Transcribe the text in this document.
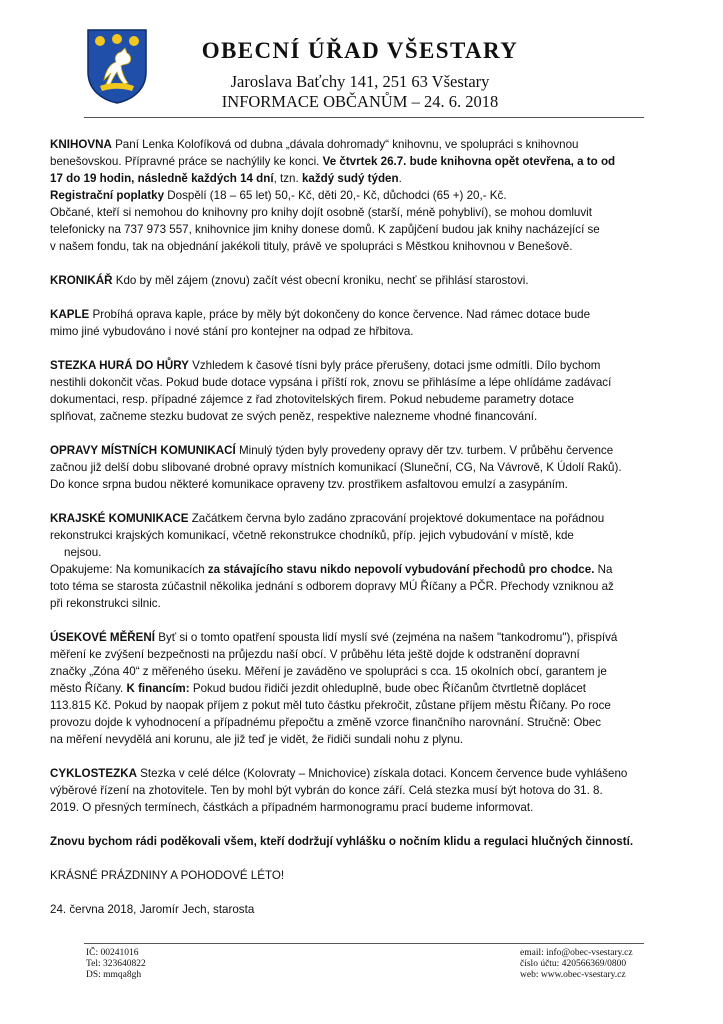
OBECNÍ ÚŘAD VŠESTARY
Jaroslava Baťchy 141, 251 63 Všestary
INFORMACE OBČANŮM – 24. 6. 2018
KNIHOVNA Paní Lenka Kolofíková od dubna „dávala dohromady“ knihovnu, ve spolupráci s knihovnou
benešovskou. Přípravné práce se nachýlily ke konci. Ve čtvrtek 26.7. bude knihovna opět otevřena, a to od
17 do 19 hodin, následně každých 14 dní, tzn. každý sudý týden.
Registrační poplatky Dospělí (18 – 65 let) 50,- Kč, děti 20,- Kč, důchodci (65 +) 20,- Kč.
Občané, kteří si nemohou do knihovny pro knihy dojít osobně (starší, méně pohybliví), se mohou domluvit
telefonicky na 737 973 557, knihovnice jim knihy donese domů. K zapůjčení budou jak knihy nacházející se
v našem fondu, tak na objednání jakékoli tituly, právě ve spolupráci s Městkou knihovnou v Benešově.
KRONIKÁŘ Kdo by měl zájem (znovu) začít vést obecní kroniku, nechť se přihlásí starostovi.
KAPLE Probíhá oprava kaple, práce by měly být dokončeny do konce července. Nad rámec dotace bude
mimo jiné vybudováno i nové stání pro kontejner na odpad ze hřbitova.
STEZKA HURÁ DO HŮRY Vzhledem k časové tísni byly práce přerušeny, dotaci jsme odmítli. Dílo bychom
nestihli dokončit včas. Pokud bude dotace vypsána i příští rok, znovu se přihlásíme a lépe ohlídáme zadávací
dokumentaci, resp. případné zájemce z řad zhotovitelských firem. Pokud nebudeme parametry dotace
splňovat, začneme stezku budovat ze svých peněz, respektive nalezneme vhodné financování.
OPRAVY MÍSTNÍCH KOMUNIKACÍ Minulý týden byly provedeny opravy děr tzv. turbem. V průběhu července
začnou již delší dobu slibované drobné opravy místních komunikací (Sluneční, CG, Na Vávrově, K Údolí Raků).
Do konce srpna budou některé komunikace opraveny tzv. prostřikem asfaltovou emulzí a zasypáním.
KRAJSKÉ KOMUNIKACE Začátkem června bylo zadáno zpracování projektové dokumentace na pořádnou
rekonstrukci krajských komunikací, včetně rekonstrukce chodníků, příp. jejich vybudování v místě, kde
nejsou.
Opakujeme: Na komunikacích za stávajícího stavu nikdo nepovolí vybudování přechodů pro chodce. Na
toto téma se starosta zúčastnil několika jednání s odborem dopravy MÚ Říčany a PČR. Přechody vzniknou až
při rekonstrukci silnic.
ÚSEKOVÉ MĚŘENÍ Byť si o tomto opatření spousta lidí myslí své (zejména na našem "tankodromu"), přispívá
měření ke zvýšení bezpečnosti na průjezdu naší obcí. V průběhu léta ještě dojde k odstranění dopravní
značky „Zóna 40“ z měřeného úseku. Měření je zaváděno ve spolupráci s cca. 15 okolních obcí, garantem je
město Říčany. K financím: Pokud budou řidiči jezdit ohleduplně, bude obec Říčanům čtvrtletně doplácet
113.815 Kč. Pokud by naopak příjem z pokut měl tuto částku překročit, zůstane příjem městu Říčany. Po roce
provozu dojde k vyhodnocení a případnému přepočtu a změně vzorce finančního narovnání. Stručně: Obec
na měření nevydělá ani korunu, ale již teď je vidět, že řidiči sundali nohu z plynu.
CYKLOSTEZKA Stezka v celé délce (Kolovraty – Mnichovice) získala dotaci. Koncem července bude vyhlášeno
výběrové řízení na zhotovitele. Ten by mohl být vybrán do konce září. Celá stezka musí být hotova do 31. 8.
2019. O přesných termínech, částkách a případném harmonogramu prací budeme informovat.
Znovu bychom rádi poděkovali všem, kteří dodržují vyhlášku o nočním klidu a regulaci hlučných činností.
KRÁSNÉ PRÁZDNINY A POHODOVÉ LÉTO!
24. června 2018, Jaromír Jech, starosta
IČ: 00241016
Tel: 323640822
DS: mmqa8gh
email: info@obec-vsestary.cz
číslo účtu: 420566369/0800
web: www.obec-vsestary.cz
